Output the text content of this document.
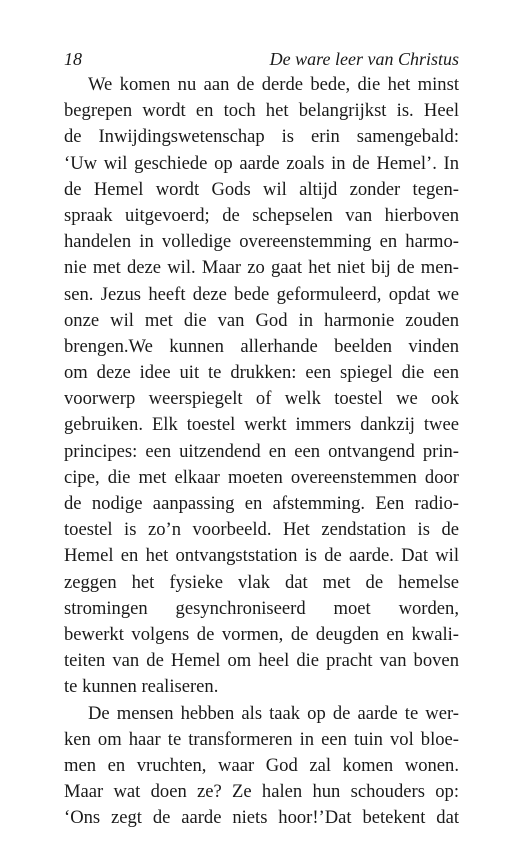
18	De ware leer van Christus
We komen nu aan de derde bede, die het minst
begrepen wordt en toch het belangrijkst is. Heel
de Inwijdingswetenschap is erin samengebald:
‘Uw wil geschiede op aarde zoals in de Hemel’. In
de Hemel wordt Gods wil altijd zonder tegen-
spraak uitgevoerd; de schepselen van hierboven
handelen in volledige overeenstemming en harmo-
nie met deze wil. Maar zo gaat het niet bij de men-
sen. Jezus heeft deze bede geformuleerd, opdat we
onze wil met die van God in harmonie zouden
brengen.We kunnen allerhande beelden vinden
om deze idee uit te drukken: een spiegel die een
voorwerp weerspiegelt of welk toestel we ook
gebruiken. Elk toestel werkt immers dankzij twee
principes: een uitzendend en een ontvangend prin-
cipe, die met elkaar moeten overeenstemmen door
de nodige aanpassing en afstemming. Een radio-
toestel is zo’n voorbeeld. Het zendstation is de
Hemel en het ontvangststation is de aarde. Dat wil
zeggen het fysieke vlak dat met de hemelse
stromingen gesynchroniseerd moet worden,
bewerkt volgens de vormen, de deugden en kwali-
teiten van de Hemel om heel die pracht van boven
te kunnen realiseren.
De mensen hebben als taak op de aarde te wer-
ken om haar te transformeren in een tuin vol bloe-
men en vruchten, waar God zal komen wonen.
Maar wat doen ze? Ze halen hun schouders op:
‘Ons zegt de aarde niets hoor!’Dat betekent dat
